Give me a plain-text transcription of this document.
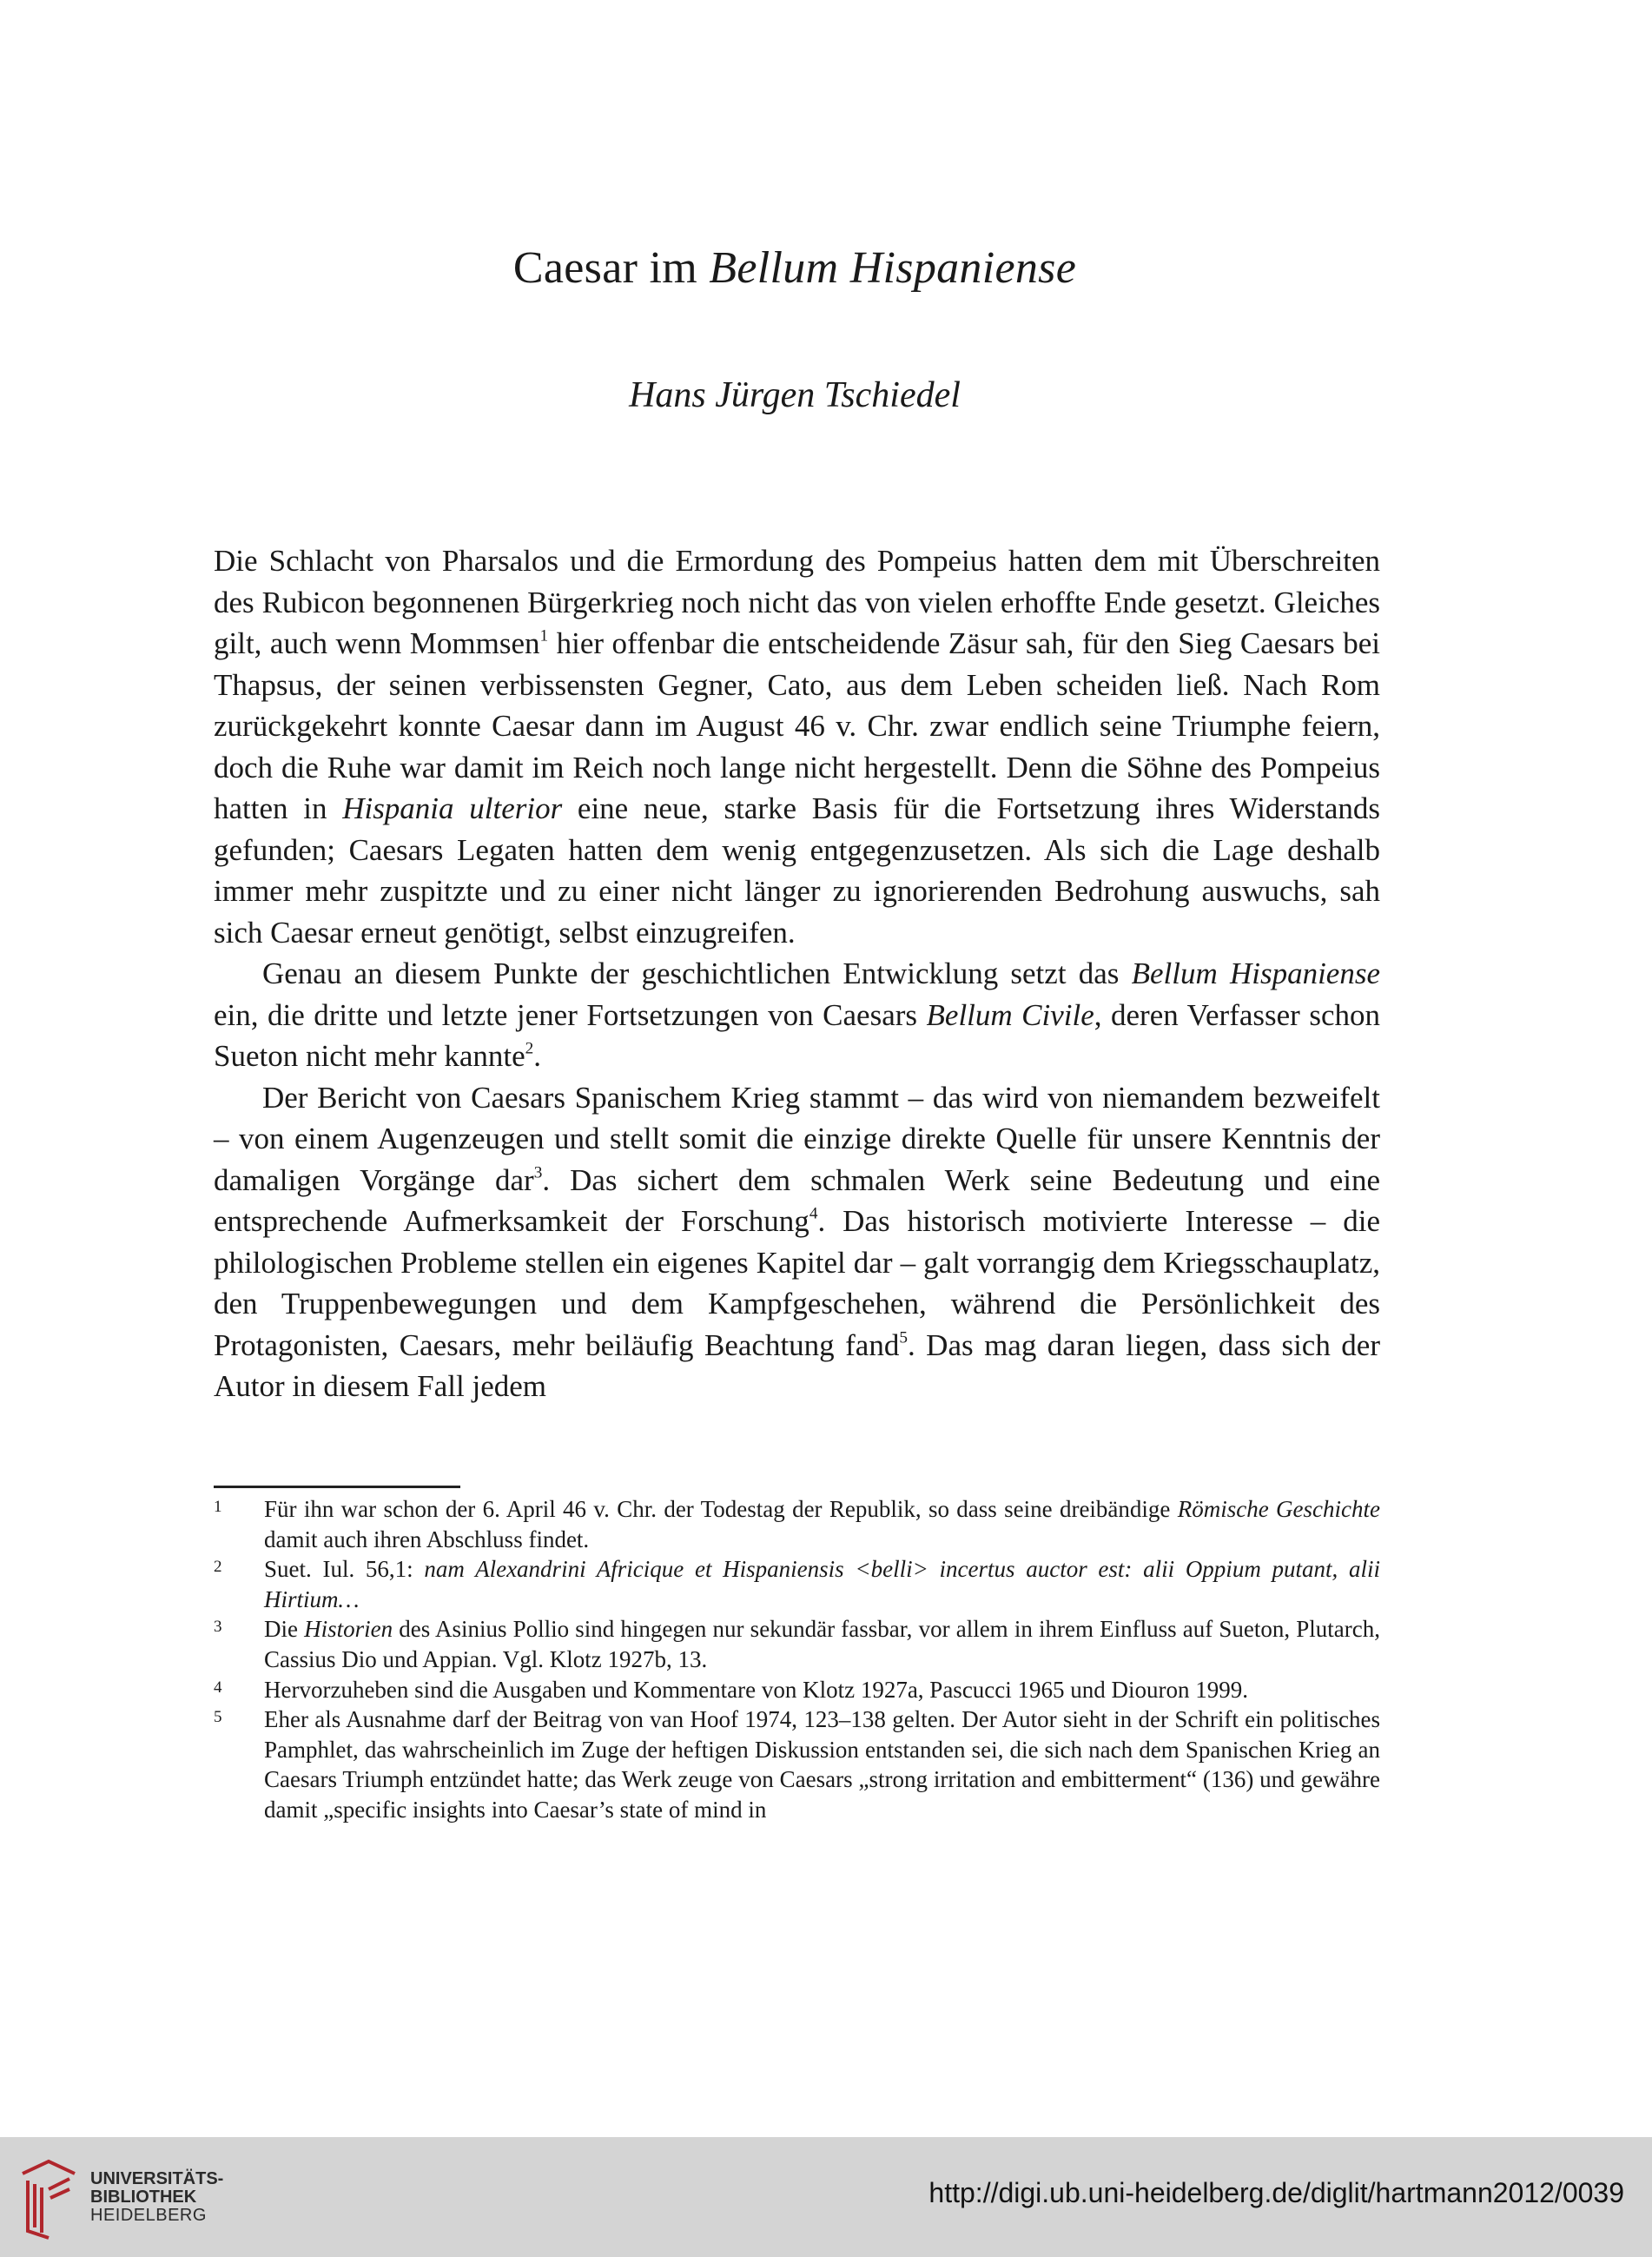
Caesar im Bellum Hispaniense
Hans Jürgen Tschiedel

Die Schlacht von Pharsalos und die Ermordung des Pompeius hatten dem mit Überschreiten des Rubicon begonnenen Bürgerkrieg noch nicht das von vielen erhoffte Ende gesetzt. Gleiches gilt, auch wenn Mommsen$^1$ hier offenbar die entscheidende Zäsur sah, für den Sieg Caesars bei Thapsus, der seinen verbissensten Gegner, Cato, aus dem Leben scheiden ließ. Nach Rom zurückgekehrt konnte Caesar dann im August 46 v. Chr. zwar endlich seine Triumphe feiern, doch die Ruhe war damit im Reich noch lange nicht hergestellt. Denn die Söhne des Pompeius hatten in Hispania ulterior eine neue, starke Basis für die Fortsetzung ihres Widerstands gefunden; Caesars Legaten hatten dem wenig entgegenzusetzen. Als sich die Lage deshalb immer mehr zuspitzte und zu einer nicht länger zu ignorierenden Bedrohung auswuchs, sah sich Caesar erneut genötigt, selbst einzugreifen.

Genau an diesem Punkte der geschichtlichen Entwicklung setzt das Bellum Hispaniense ein, die dritte und letzte jener Fortsetzungen von Caesars Bellum Civile, deren Verfasser schon Sueton nicht mehr kannte$^2$.

Der Bericht von Caesars Spanischem Krieg stammt – das wird von niemandem bezweifelt – von einem Augenzeugen und stellt somit die einzige direkte Quelle für unsere Kenntnis der damaligen Vorgänge dar$^3$. Das sichert dem schmalen Werk seine Bedeutung und eine entsprechende Aufmerksamkeit der Forschung$^4$. Das historisch motivierte Interesse – die philologischen Probleme stellen ein eigenes Kapitel dar – galt vorrangig dem Kriegsschauplatz, den Truppenbewegungen und dem Kampfgeschehen, während die Persönlichkeit des Protagonisten, Caesars, mehr beiläufig Beachtung fand$^5$. Das mag daran liegen, dass sich der Autor in diesem Fall jedem

1 Für ihn war schon der 6. April 46 v. Chr. der Todestag der Republik, so dass seine dreibändige Römische Geschichte damit auch ihren Abschluss findet.
2 Suet. Iul. 56,1: nam Alexandrini Africique et Hispaniensis <belli> incertus auctor est: alii Oppium putant, alii Hirtium…
3 Die Historien des Asinius Pollio sind hingegen nur sekundär fassbar, vor allem in ihrem Einfluss auf Sueton, Plutarch, Cassius Dio und Appian. Vgl. Klotz 1927b, 13.
4 Hervorzuheben sind die Ausgaben und Kommentare von Klotz 1927a, Pascucci 1965 und Diouron 1999.
5 Eher als Ausnahme darf der Beitrag von van Hoof 1974, 123–138 gelten. Der Autor sieht in der Schrift ein politisches Pamphlet, das wahrscheinlich im Zuge der heftigen Diskussion entstanden sei, die sich nach dem Spanischen Krieg an Caesars Triumph entzündet hatte; das Werk zeuge von Caesars „strong irritation and embitterment“ (136) und gewähre damit „specific insights into Caesar’s state of mind in
UNIVERSITÄTS-
BIBLIOTHEK
HEIDELBERG
http://digi.ub.uni-heidelberg.de/diglit/hartmann2012/0039
